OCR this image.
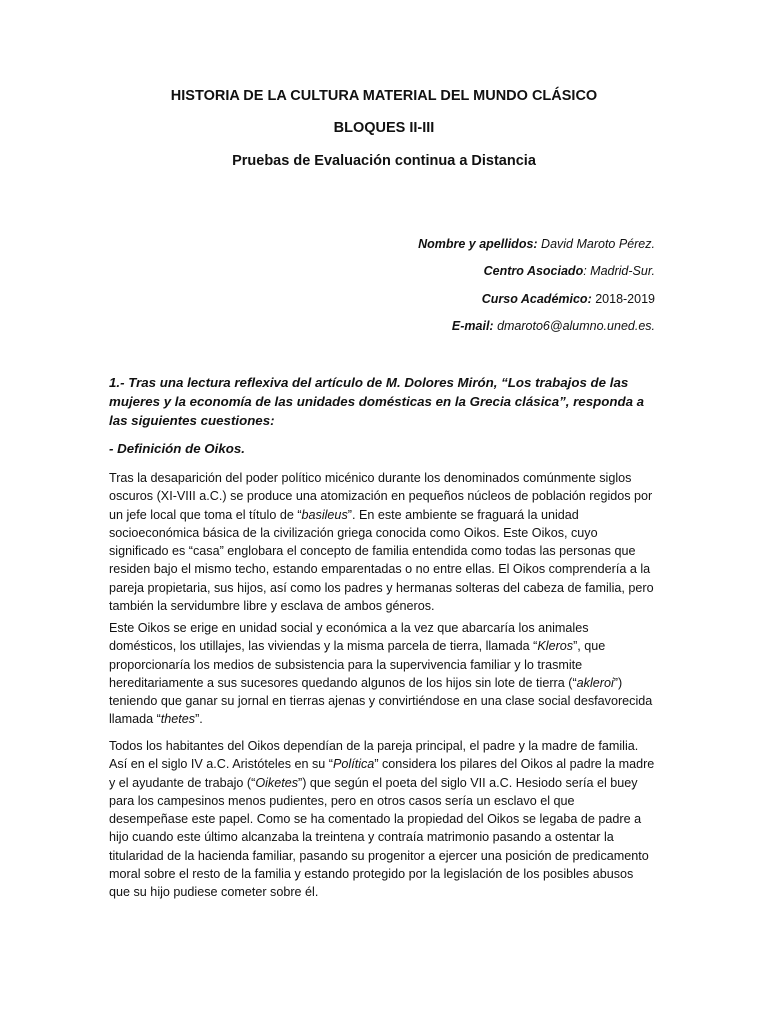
HISTORIA DE LA CULTURA MATERIAL DEL MUNDO CLÁSICO
BLOQUES II-III
Pruebas de Evaluación continua a Distancia
Nombre y apellidos: David Maroto Pérez.
Centro Asociado: Madrid-Sur.
Curso Académico: 2018-2019
E-mail: dmaroto6@alumno.uned.es.
1.- Tras una lectura reflexiva del artículo de M. Dolores Mirón, “Los trabajos de las
mujeres y la economía de las unidades domésticas en la Grecia clásica”, responda a
las siguientes cuestiones:
- Definición de Oikos.

Tras la desaparición del poder político micénico durante los denominados comúnmente siglos oscuros (XI-VIII a.C.) se produce una atomización en pequeños núcleos de población regidos por un jefe local que toma el título de “basileus”. En este ambiente se fraguará la unidad socioeconómica básica de la civilización griega conocida como Oikos. Este Oikos, cuyo significado es “casa” englobara el concepto de familia entendida como todas las personas que residen bajo el mismo techo, estando emparentadas o no entre ellas. El Oikos comprendería a la pareja propietaria, sus hijos, así como los padres y hermanas solteras del cabeza de familia, pero también la servidumbre libre y esclava de ambos géneros.

Este Oikos se erige en unidad social y económica a la vez que abarcaría los animales domésticos, los utillajes, las viviendas y la misma parcela de tierra, llamada “Kleros”, que proporcionaría los medios de subsistencia para la supervivencia familiar y lo trasmite hereditariamente a sus sucesores quedando algunos de los hijos sin lote de tierra (“akleroi”) teniendo que ganar su jornal en tierras ajenas y convirtiéndose en una clase social desfavorecida llamada “thetes”.

Todos los habitantes del Oikos dependían de la pareja principal, el padre y la madre de familia. Así en el siglo IV a.C. Aristóteles en su “Política” considera los pilares del Oikos al padre la madre y el ayudante de trabajo (“Oiketes”) que según el poeta del siglo VII a.C. Hesiodo sería el buey para los campesinos menos pudientes, pero en otros casos sería un esclavo el que desempeñase este papel. Como se ha comentado la propiedad del Oikos se legaba de padre a hijo cuando este último alcanzaba la treintena y contraía matrimonio pasando a ostentar la titularidad de la hacienda familiar, pasando su progenitor a ejercer una posición de predicamento moral sobre el resto de la familia y estando protegido por la legislación de los posibles abusos que su hijo pudiese cometer sobre él.
